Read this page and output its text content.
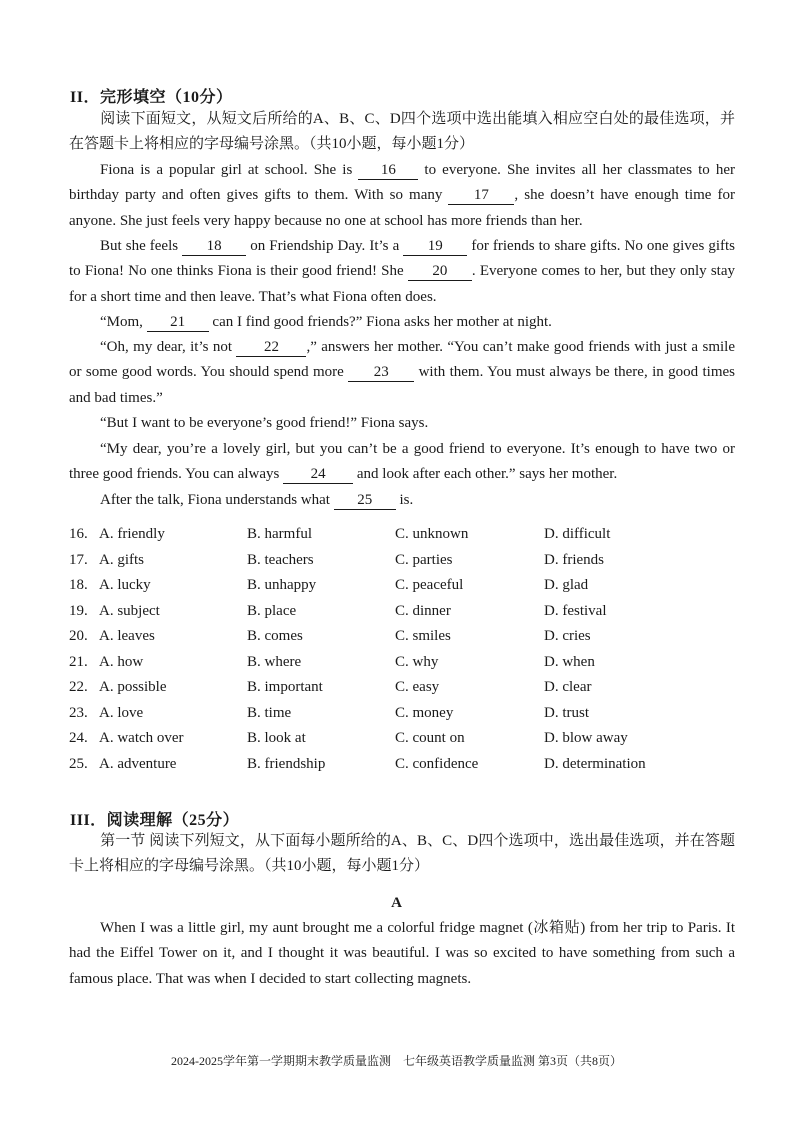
II．完形填空（10分）
阅读下面短文，从短文后所给的A、B、C、D四个选项中选出能填入相应空白处的最佳选项，并在答题卡上将相应的字母编号涂黑。（共10小题，每小题1分）
Fiona is a popular girl at school. She is 16 to everyone. She invites all her classmates to her birthday party and often gives gifts to them. With so many 17 , she doesn’t have enough time for anyone. She just feels very happy because no one at school has more friends than her.
But she feels 18 on Friendship Day. It’s a 19 for friends to share gifts. No one gives gifts to Fiona! No one thinks Fiona is their good friend! She 20 . Everyone comes to her, but they only stay for a short time and then leave. That’s what Fiona often does.
“Mom, 21 can I find good friends?” Fiona asks her mother at night.
“Oh, my dear, it’s not 22 ,” answers her mother. “You can’t make good friends with just a smile or some good words. You should spend more 23 with them. You must always be there, in good times and bad times.”
“But I want to be everyone’s good friend!” Fiona says.
“My dear, you’re a lovely girl, but you can’t be a good friend to everyone. It’s enough to have two or three good friends. You can always 24 and look after each other.” says her mother.
After the talk, Fiona understands what 25 is.
16. A. friendly	B. harmful	C. unknown	D. difficult
17. A. gifts	B. teachers	C. parties	D. friends
18. A. lucky	B. unhappy	C. peaceful	D. glad
19. A. subject	B. place	C. dinner	D. festival
20. A. leaves	B. comes	C. smiles	D. cries
21. A. how	B. where	C. why	D. when
22. A. possible	B. important	C. easy	D. clear
23. A. love	B. time	C. money	D. trust
24. A. watch over	B. look at	C. count on	D. blow away
25. A. adventure	B. friendship	C. confidence	D. determination
III．阅读理解（25分）
第一节 阅读下列短文，从下面每小题所给的A、B、C、D四个选项中，选出最佳选项，并在答题卡上将相应的字母编号涂黑。（共10小题，每小题1分）
A
When I was a little girl, my aunt brought me a colorful fridge magnet (冰箱贴) from her trip to Paris. It had the Eiffel Tower on it, and I thought it was beautiful. I was so excited to have something from such a famous place. That was when I decided to start collecting magnets.
2024-2025学年第一学期期末教学质量监测　七年级英语教学质量监测 第3页（共8页）
